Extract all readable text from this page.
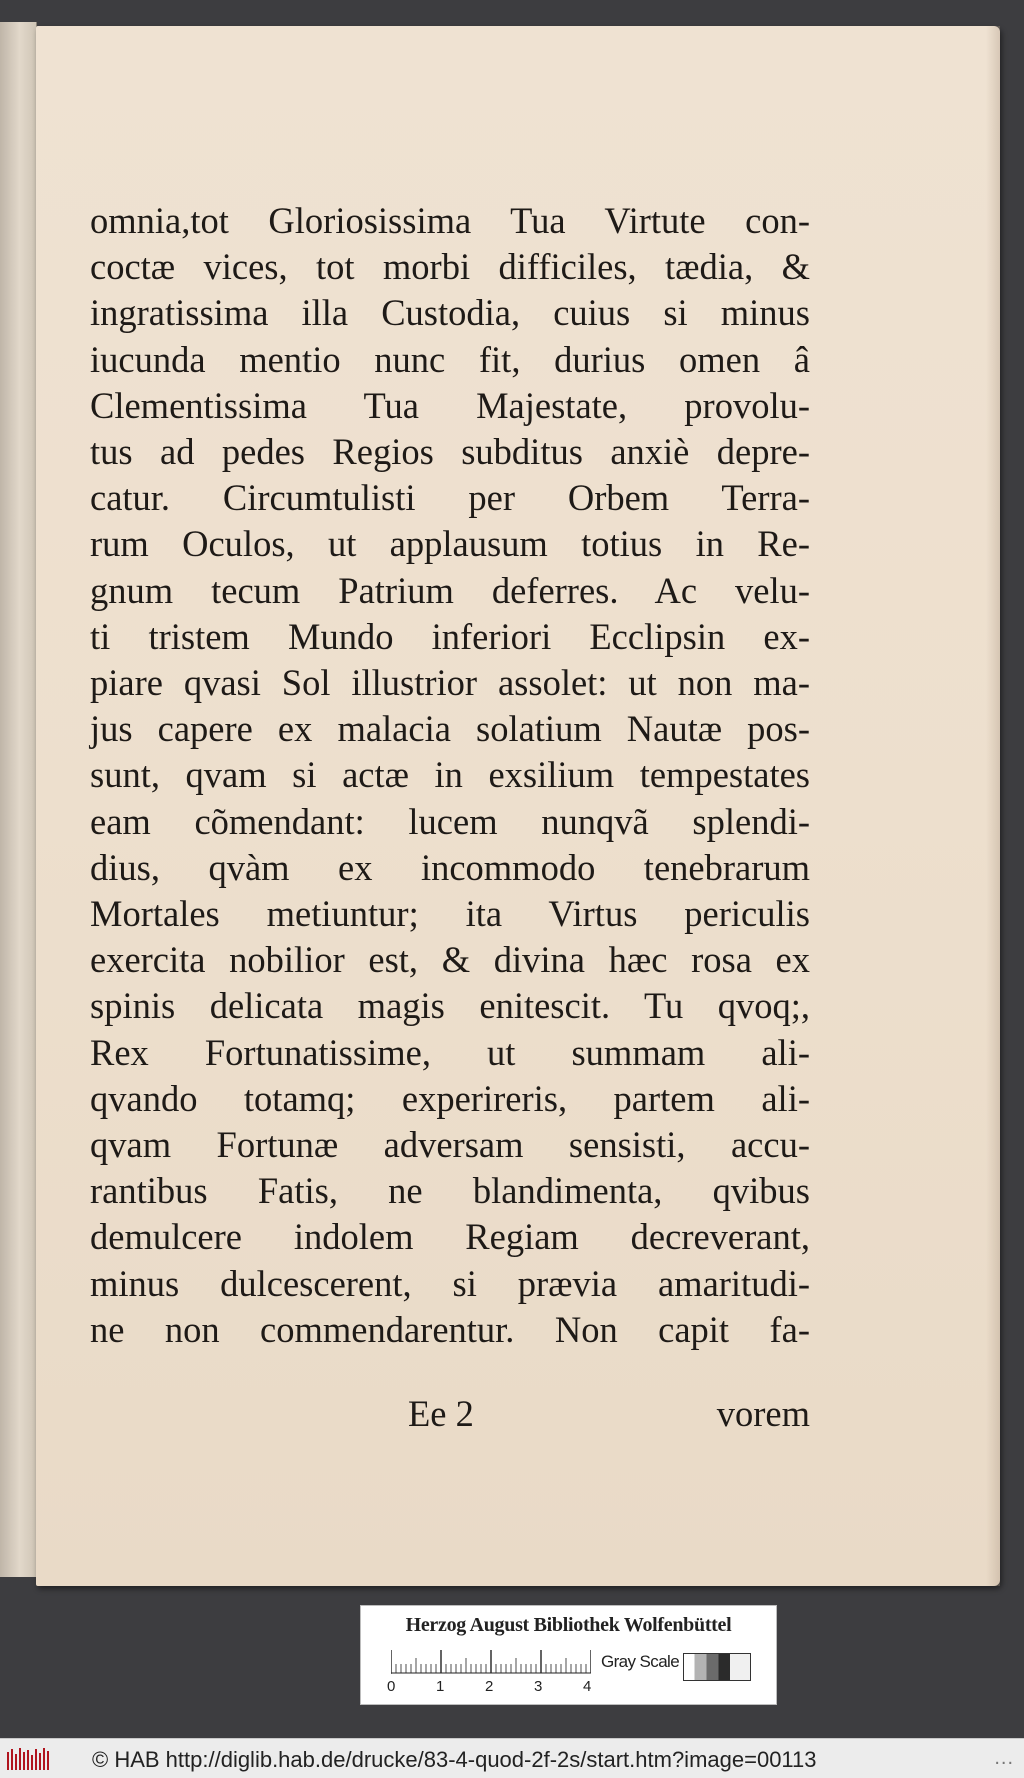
omnia,tot Gloriosissima Tua Virtute con-
coctæ vices, tot morbi difficiles, tædia, &
ingratissima illa Custodia, cuius si minus
iucunda mentio nunc fit, durius omen â
Clementissima Tua Majestate, provolu-
tus ad pedes Regios subditus anxiè depre-
catur. Circumtulisti per Orbem Terra-
rum Oculos, ut applausum totius in Re-
gnum tecum Patrium deferres. Ac velu-
ti tristem Mundo inferiori Ecclipsin ex-
piare qvasi Sol illustrior assolet: ut non ma-
jus capere ex malacia solatium Nautæ pos-
sunt, qvam si actæ in exsilium tempestates
eam cõmendant: lucem nunqvã splendi-
dius, qvàm ex incommodo tenebrarum
Mortales metiuntur; ita Virtus periculis
exercita nobilior est, & divina hæc rosa ex
spinis delicata magis enitescit. Tu qvoq;,
Rex Fortunatissime, ut summam ali-
qvando totamq; experireris, partem ali-
qvam Fortunæ adversam sensisti, accu-
rantibus Fatis, ne blandimenta, qvibus
demulcere indolem Regiam decreverant,
minus dulcescerent, si prævia amaritudi-
ne non commendarentur. Non capit fa-
Ee 2	vorem
Herzog August Bibliothek Wolfenbüttel
0	1	2	3	4
Gray Scale
© HAB http://diglib.hab.de/drucke/83-4-quod-2f-2s/start.htm?image=00113	...
